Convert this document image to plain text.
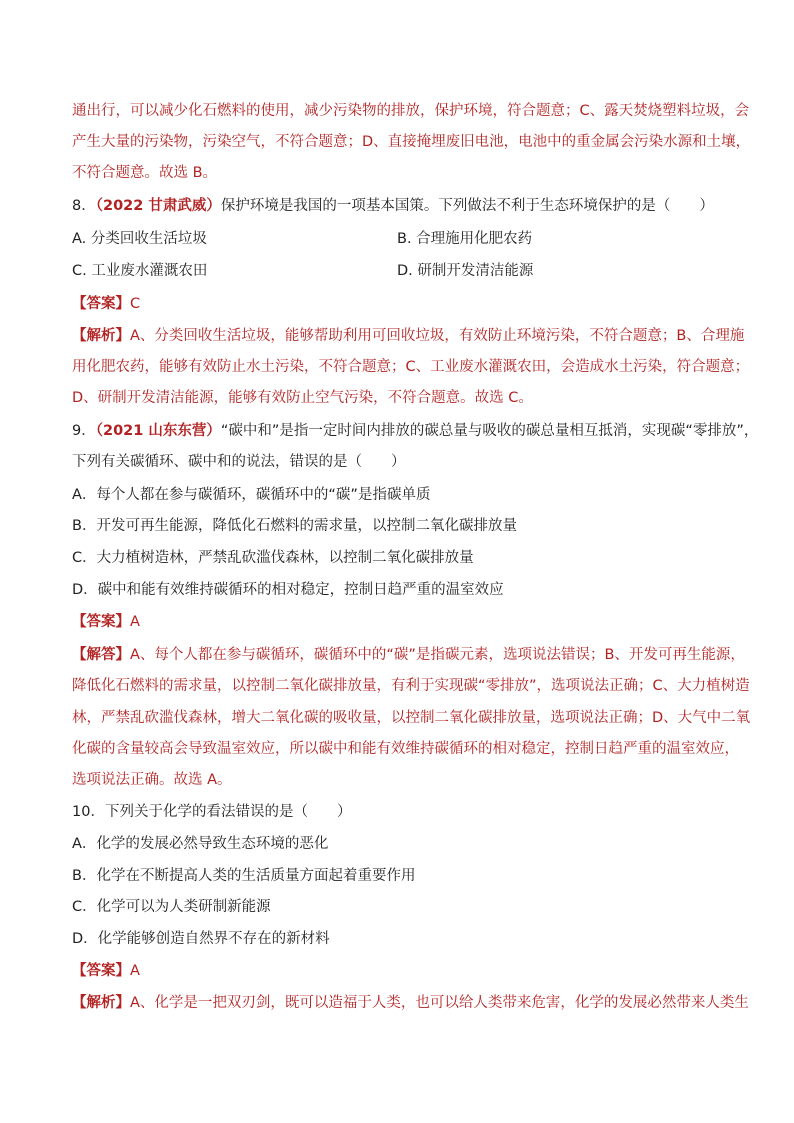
通出行，可以减少化石燃料的使用，减少污染物的排放，保护环境，符合题意；C、露天焚烧塑料垃圾，会
产生大量的污染物，污染空气，不符合题意；D、直接掩埋废旧电池，电池中的重金属会污染水源和土壤，
不符合题意。故选 B。
8．（2022 甘肃武威）保护环境是我国的一项基本国策。下列做法不利于生态环境保护的是（　　）
A. 分类回收生活垃圾	B. 合理施用化肥农药
C. 工业废水灌溉农田	D. 研制开发清洁能源
【答案】C
【解析】A、分类回收生活垃圾，能够帮助利用可回收垃圾，有效防止环境污染，不符合题意；B、合理施
用化肥农药，能够有效防止水土污染，不符合题意；C、工业废水灌溉农田，会造成水土污染，符合题意；
D、研制开发清洁能源，能够有效防止空气污染，不符合题意。故选 C。
9．（2021 山东东营）“碳中和”是指一定时间内排放的碳总量与吸收的碳总量相互抵消，实现碳“零排放”，
下列有关碳循环、碳中和的说法，错误的是（　　）
A．每个人都在参与碳循环，碳循环中的“碳”是指碳单质
B．开发可再生能源，降低化石燃料的需求量，以控制二氧化碳排放量
C．大力植树造林，严禁乱砍滥伐森林，以控制二氧化碳排放量
D．碳中和能有效维持碳循环的相对稳定，控制日趋严重的温室效应
【答案】A
【解答】A、每个人都在参与碳循环，碳循环中的“碳”是指碳元素，选项说法错误；B、开发可再生能源，
降低化石燃料的需求量，以控制二氧化碳排放量，有利于实现碳“零排放”，选项说法正确；C、大力植树造
林，严禁乱砍滥伐森林，增大二氧化碳的吸收量，以控制二氧化碳排放量，选项说法正确；D、大气中二氧
化碳的含量较高会导致温室效应，所以碳中和能有效维持碳循环的相对稳定，控制日趋严重的温室效应，
选项说法正确。故选 A。
10．下列关于化学的看法错误的是（　　）
A．化学的发展必然导致生态环境的恶化
B．化学在不断提高人类的生活质量方面起着重要作用
C．化学可以为人类研制新能源
D．化学能够创造自然界不存在的新材料
【答案】A
【解析】A、化学是一把双刃剑，既可以造福于人类，也可以给人类带来危害，化学的发展必然带来人类生
